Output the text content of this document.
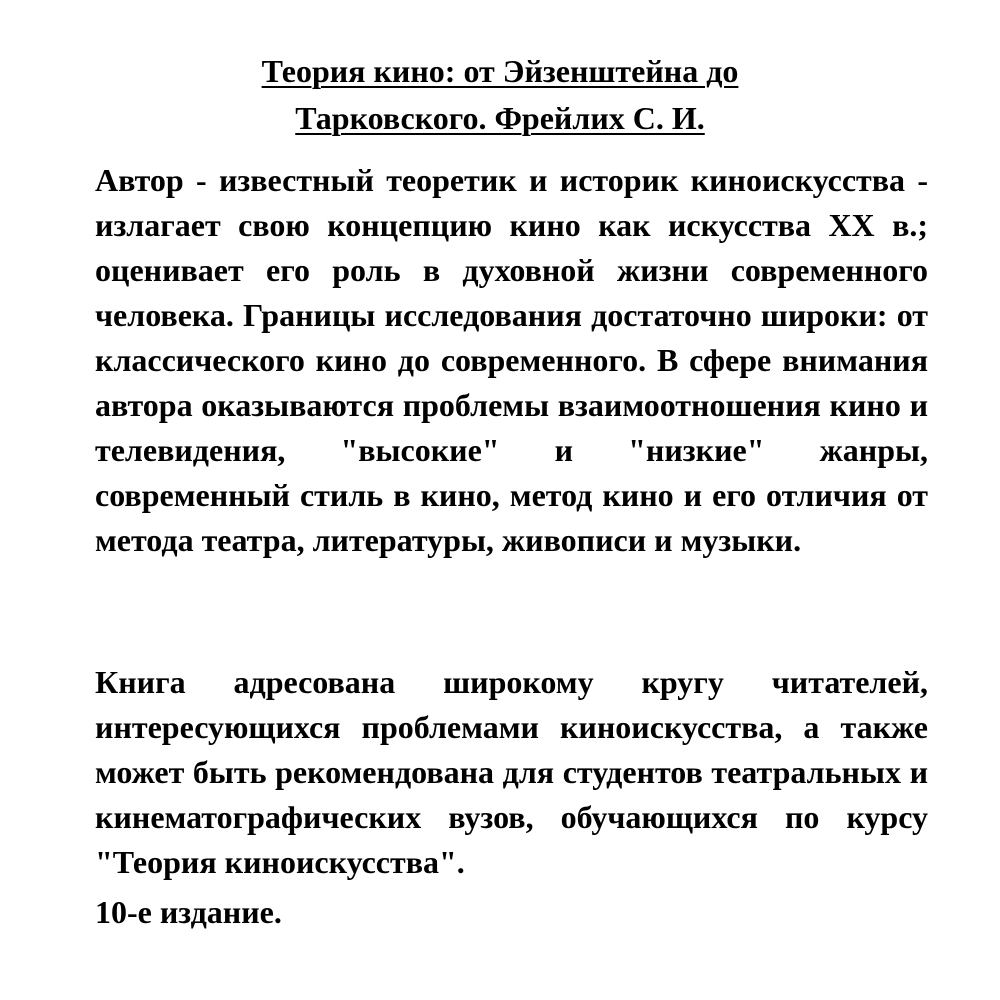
Теория кино: от Эйзенштейна до
Тарковского. Фрейлих С. И.

Автор - известный теоретик и историк киноискусства - излагает свою концепцию кино как искусства XX в.; оценивает его роль в духовной жизни современного человека. Границы исследования достаточно широки: от классического кино до современного. В сфере внимания автора оказываются проблемы взаимоотношения кино и телевидения, "высокие" и "низкие" жанры, современный стиль в кино, метод кино и его отличия от метода театра, литературы, живописи и музыки.

Книга адресована широкому кругу читателей, интересующихся проблемами киноискусства, а также может быть рекомендована для студентов театральных и кинематографических вузов, обучающихся по курсу "Теория киноискусства".

10-е издание.
